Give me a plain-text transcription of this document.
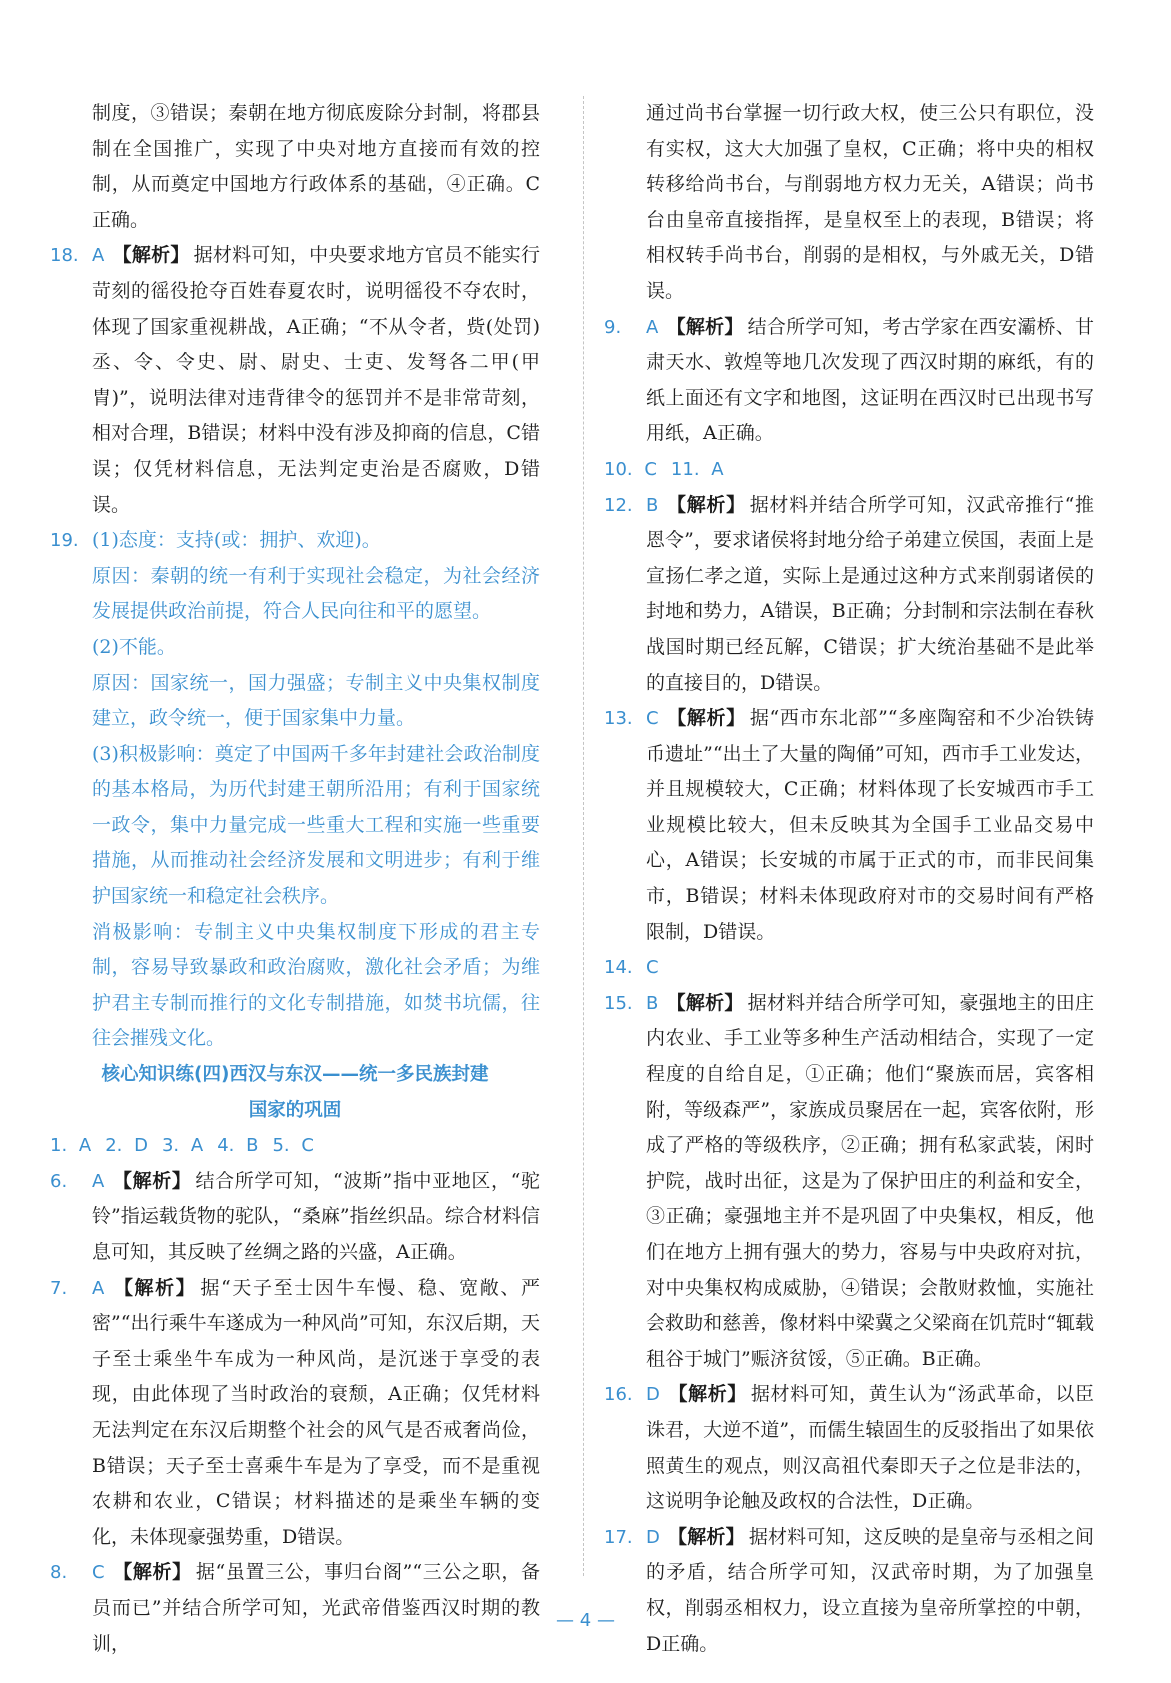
制度，③错误；秦朝在地方彻底废除分封制，将郡县制在全国推广，实现了中央对地方直接而有效的控制，从而奠定中国地方行政体系的基础，④正确。C正确。
18. A 【解析】 据材料可知，中央要求地方官员不能实行苛刻的徭役抢夺百姓春夏农时，说明徭役不夺农时，体现了国家重视耕战，A正确；“不从令者，赀(处罚)丞、令、令史、尉、尉史、士吏、发弩各二甲(甲胄)”，说明法律对违背律令的惩罚并不是非常苛刻，相对合理，B错误；材料中没有涉及抑商的信息，C错误；仅凭材料信息，无法判定吏治是否腐败，D错误。
19. (1)态度：支持(或：拥护、欢迎)。
原因：秦朝的统一有利于实现社会稳定，为社会经济发展提供政治前提，符合人民向往和平的愿望。
(2)不能。
原因：国家统一，国力强盛；专制主义中央集权制度建立，政令统一，便于国家集中力量。
(3)积极影响：奠定了中国两千多年封建社会政治制度的基本格局，为历代封建王朝所沿用；有利于国家统一政令，集中力量完成一些重大工程和实施一些重要措施，从而推动社会经济发展和文明进步；有利于维护国家统一和稳定社会秩序。
消极影响：专制主义中央集权制度下形成的君主专制，容易导致暴政和政治腐败，激化社会矛盾；为维护君主专制而推行的文化专制措施，如焚书坑儒，往往会摧残文化。
核心知识练(四)西汉与东汉——统一多民族封建
国家的巩固
1. A 2. D 3. A 4. B 5. C
6. A 【解析】 结合所学可知，“波斯”指中亚地区，“驼铃”指运载货物的驼队，“桑麻”指丝织品。综合材料信息可知，其反映了丝绸之路的兴盛，A正确。
7. A 【解析】 据“天子至士因牛车慢、稳、宽敞、严密”“出行乘牛车遂成为一种风尚”可知，东汉后期，天子至士乘坐牛车成为一种风尚，是沉迷于享受的表现，由此体现了当时政治的衰颓，A正确；仅凭材料无法判定在东汉后期整个社会的风气是否戒奢尚俭，B错误；天子至士喜乘牛车是为了享受，而不是重视农耕和农业，C错误；材料描述的是乘坐车辆的变化，未体现豪强势重，D错误。
8. C 【解析】 据“虽置三公，事归台阁”“三公之职，备员而已”并结合所学可知，光武帝借鉴西汉时期的教训，
通过尚书台掌握一切行政大权，使三公只有职位，没有实权，这大大加强了皇权，C正确；将中央的相权转移给尚书台，与削弱地方权力无关，A错误；尚书台由皇帝直接指挥，是皇权至上的表现，B错误；将相权转手尚书台，削弱的是相权，与外戚无关，D错误。
9. A 【解析】 结合所学可知，考古学家在西安灞桥、甘肃天水、敦煌等地几次发现了西汉时期的麻纸，有的纸上面还有文字和地图，这证明在西汉时已出现书写用纸，A正确。
10. C 11. A
12. B 【解析】 据材料并结合所学可知，汉武帝推行“推恩令”，要求诸侯将封地分给子弟建立侯国，表面上是宣扬仁孝之道，实际上是通过这种方式来削弱诸侯的封地和势力，A错误，B正确；分封制和宗法制在春秋战国时期已经瓦解，C错误；扩大统治基础不是此举的直接目的，D错误。
13. C 【解析】 据“西市东北部”“多座陶窑和不少冶铁铸币遗址”“出土了大量的陶俑”可知，西市手工业发达，并且规模较大，C正确；材料体现了长安城西市手工业规模比较大，但未反映其为全国手工业品交易中心，A错误；长安城的市属于正式的市，而非民间集市，B错误；材料未体现政府对市的交易时间有严格限制，D错误。
14. C
15. B 【解析】 据材料并结合所学可知，豪强地主的田庄内农业、手工业等多种生产活动相结合，实现了一定程度的自给自足，①正确；他们“聚族而居，宾客相附，等级森严”，家族成员聚居在一起，宾客依附，形成了严格的等级秩序，②正确；拥有私家武装，闲时护院，战时出征，这是为了保护田庄的利益和安全，③正确；豪强地主并不是巩固了中央集权，相反，他们在地方上拥有强大的势力，容易与中央政府对抗，对中央集权构成威胁，④错误；会散财救恤，实施社会救助和慈善，像材料中梁冀之父梁商在饥荒时“辄载租谷于城门”赈济贫馁，⑤正确。B正确。
16. D 【解析】 据材料可知，黄生认为“汤武革命，以臣诛君，大逆不道”，而儒生辕固生的反驳指出了如果依照黄生的观点，则汉高祖代秦即天子之位是非法的，这说明争论触及政权的合法性，D正确。
17. D 【解析】 据材料可知，这反映的是皇帝与丞相之间的矛盾，结合所学可知，汉武帝时期，为了加强皇权，削弱丞相权力，设立直接为皇帝所掌控的中朝，D正确。
— 4 —
